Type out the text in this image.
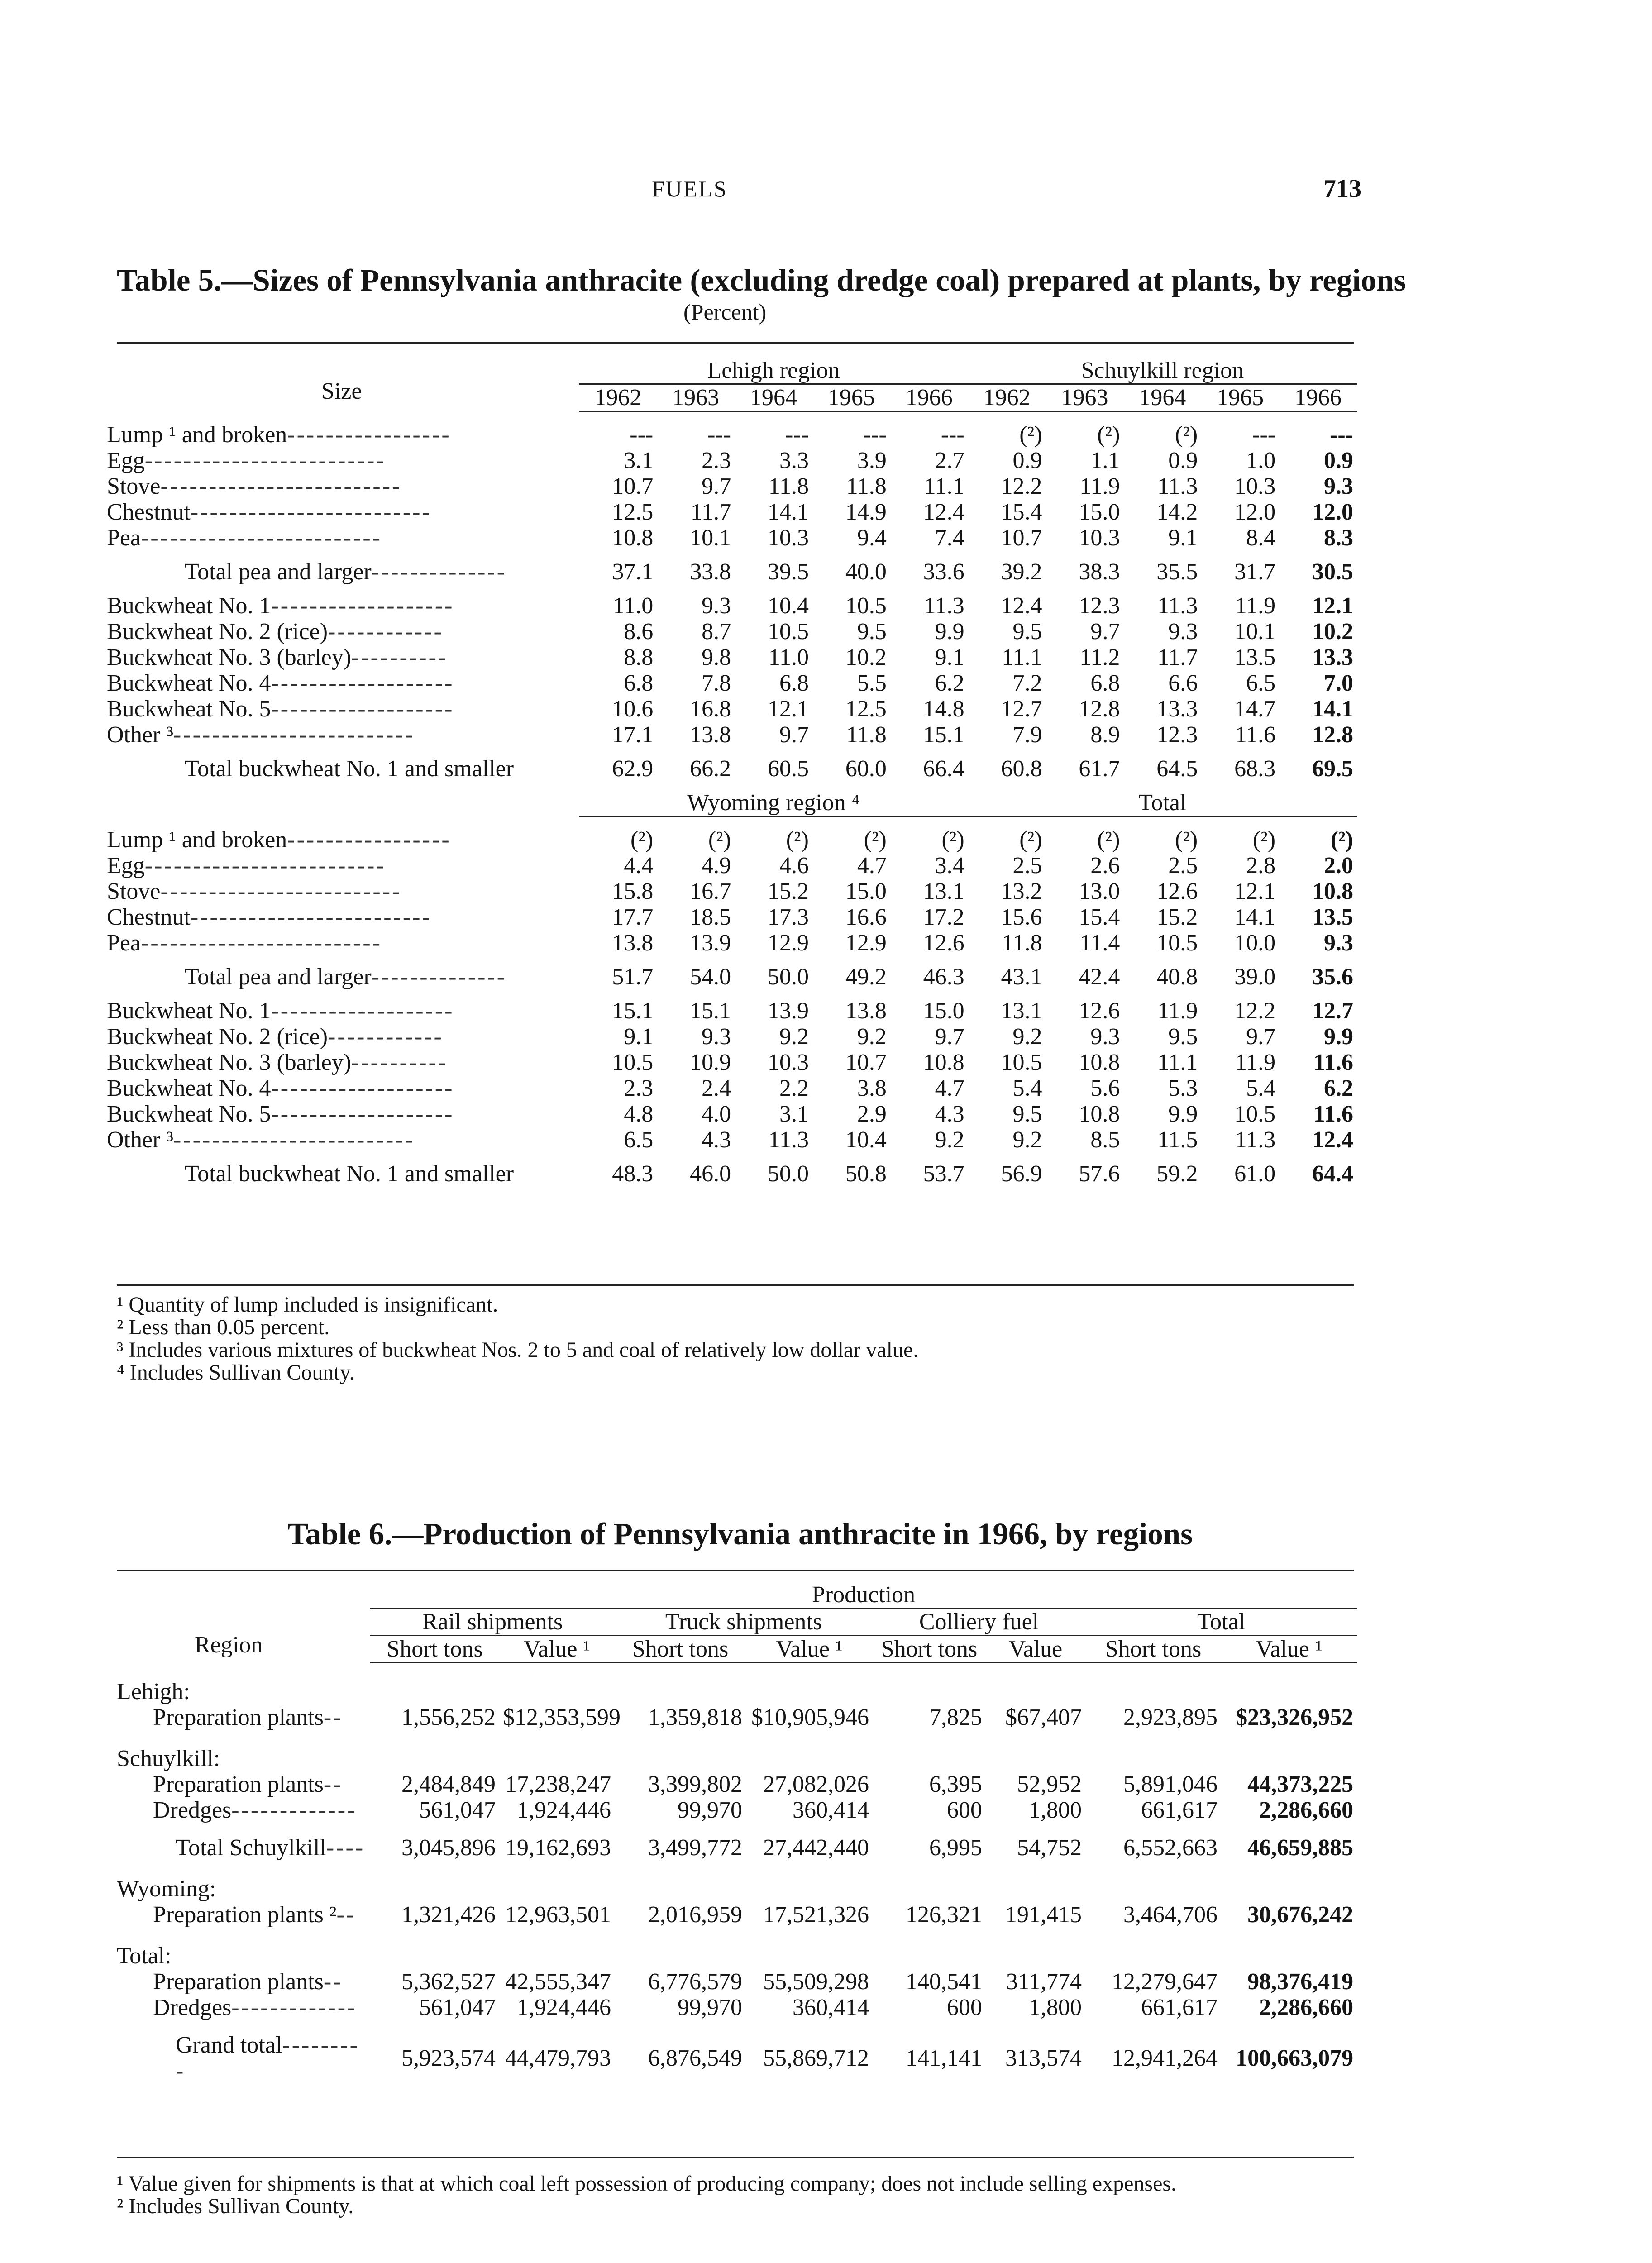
FUELS	713
Table 5.—Sizes of Pennsylvania anthracite (excluding dredge coal) prepared at plants, by regions
(Percent)
Size
	Lehigh region					Schuylkill region				
	1962	1963	1964	1965	1966	1962	1963	1964	1965	1966

Lump ¹ and broken-----------------	---	---	---	---	---	(²)	(²)	(²)	---	---
Egg-------------------------	3.1	2.3	3.3	3.9	2.7	0.9	1.1	0.9	1.0	0.9
Stove-------------------------	10.7	9.7	11.8	11.8	11.1	12.2	11.9	11.3	10.3	9.3
Chestnut-------------------------	12.5	11.7	14.1	14.9	12.4	15.4	15.0	14.2	12.0	12.0
Pea-------------------------	10.8	10.1	10.3	9.4	7.4	10.7	10.3	9.1	8.4	8.3

Total pea and larger--------------	37.1	33.8	39.5	40.0	33.6	39.2	38.3	35.5	31.7	30.5

Buckwheat No. 1-------------------	11.0	9.3	10.4	10.5	11.3	12.4	12.3	11.3	11.9	12.1
Buckwheat No. 2 (rice)------------	8.6	8.7	10.5	9.5	9.9	9.5	9.7	9.3	10.1	10.2
Buckwheat No. 3 (barley)----------	8.8	9.8	11.0	10.2	9.1	11.1	11.2	11.7	13.5	13.3
Buckwheat No. 4-------------------	6.8	7.8	6.8	5.5	6.2	7.2	6.8	6.6	6.5	7.0
Buckwheat No. 5-------------------	10.6	16.8	12.1	12.5	14.8	12.7	12.8	13.3	14.7	14.1
Other ³-------------------------	17.1	13.8	9.7	11.8	15.1	7.9	8.9	12.3	11.6	12.8

Total buckwheat No. 1 and smaller	62.9	66.2	60.5	60.0	66.4	60.8	61.7	64.5	68.3	69.5

	Wyoming region ⁴					Total				

Lump ¹ and broken-----------------	(²)	(²)	(²)	(²)	(²)	(²)	(²)	(²)	(²)	(²)
Egg-------------------------	4.4	4.9	4.6	4.7	3.4	2.5	2.6	2.5	2.8	2.0
Stove-------------------------	15.8	16.7	15.2	15.0	13.1	13.2	13.0	12.6	12.1	10.8
Chestnut-------------------------	17.7	18.5	17.3	16.6	17.2	15.6	15.4	15.2	14.1	13.5
Pea-------------------------	13.8	13.9	12.9	12.9	12.6	11.8	11.4	10.5	10.0	9.3

Total pea and larger--------------	51.7	54.0	50.0	49.2	46.3	43.1	42.4	40.8	39.0	35.6

Buckwheat No. 1-------------------	15.1	15.1	13.9	13.8	15.0	13.1	12.6	11.9	12.2	12.7
Buckwheat No. 2 (rice)------------	9.1	9.3	9.2	9.2	9.7	9.2	9.3	9.5	9.7	9.9
Buckwheat No. 3 (barley)----------	10.5	10.9	10.3	10.7	10.8	10.5	10.8	11.1	11.9	11.6
Buckwheat No. 4-------------------	2.3	2.4	2.2	3.8	4.7	5.4	5.6	5.3	5.4	6.2
Buckwheat No. 5-------------------	4.8	4.0	3.1	2.9	4.3	9.5	10.8	9.9	10.5	11.6
Other ³-------------------------	6.5	4.3	11.3	10.4	9.2	9.2	8.5	11.5	11.3	12.4

Total buckwheat No. 1 and smaller	48.3	46.0	50.0	50.8	53.7	56.9	57.6	59.2	61.0	64.4

¹ Quantity of lump included is insignificant.
² Less than 0.05 percent.
³ Includes various mixtures of buckwheat Nos. 2 to 5 and coal of relatively low dollar value.
⁴ Includes Sullivan County.
Table 6.—Production of Pennsylvania anthracite in 1966, by regions
Region
	Production							
	Rail shipments		Truck shipments		Colliery fuel		Total	
	Short tons	Value ¹	Short tons	Value ¹	Short tons	Value	Short tons	Value ¹

Lehigh:								
Preparation plants--	1,556,252	$12,353,599	1,359,818	$10,905,946	7,825	$67,407	2,923,895	$23,326,952

Schuylkill:								
Preparation plants--	2,484,849	17,238,247	3,399,802	27,082,026	6,395	52,952	5,891,046	44,373,225
Dredges-------------	561,047	1,924,446	99,970	360,414	600	1,800	661,617	2,286,660

Total Schuylkill----	3,045,896	19,162,693	3,499,772	27,442,440	6,995	54,752	6,552,663	46,659,885

Wyoming:								
Preparation plants ²--	1,321,426	12,963,501	2,016,959	17,521,326	126,321	191,415	3,464,706	30,676,242

Total:								
Preparation plants--	5,362,527	42,555,347	6,776,579	55,509,298	140,541	311,774	12,279,647	98,376,419
Dredges-------------	561,047	1,924,446	99,970	360,414	600	1,800	661,617	2,286,660

Grand total---------	5,923,574	44,479,793	6,876,549	55,869,712	141,141	313,574	12,941,264	100,663,079
¹ Value given for shipments is that at which coal left possession of producing company; does not include selling expenses.
² Includes Sullivan County.
